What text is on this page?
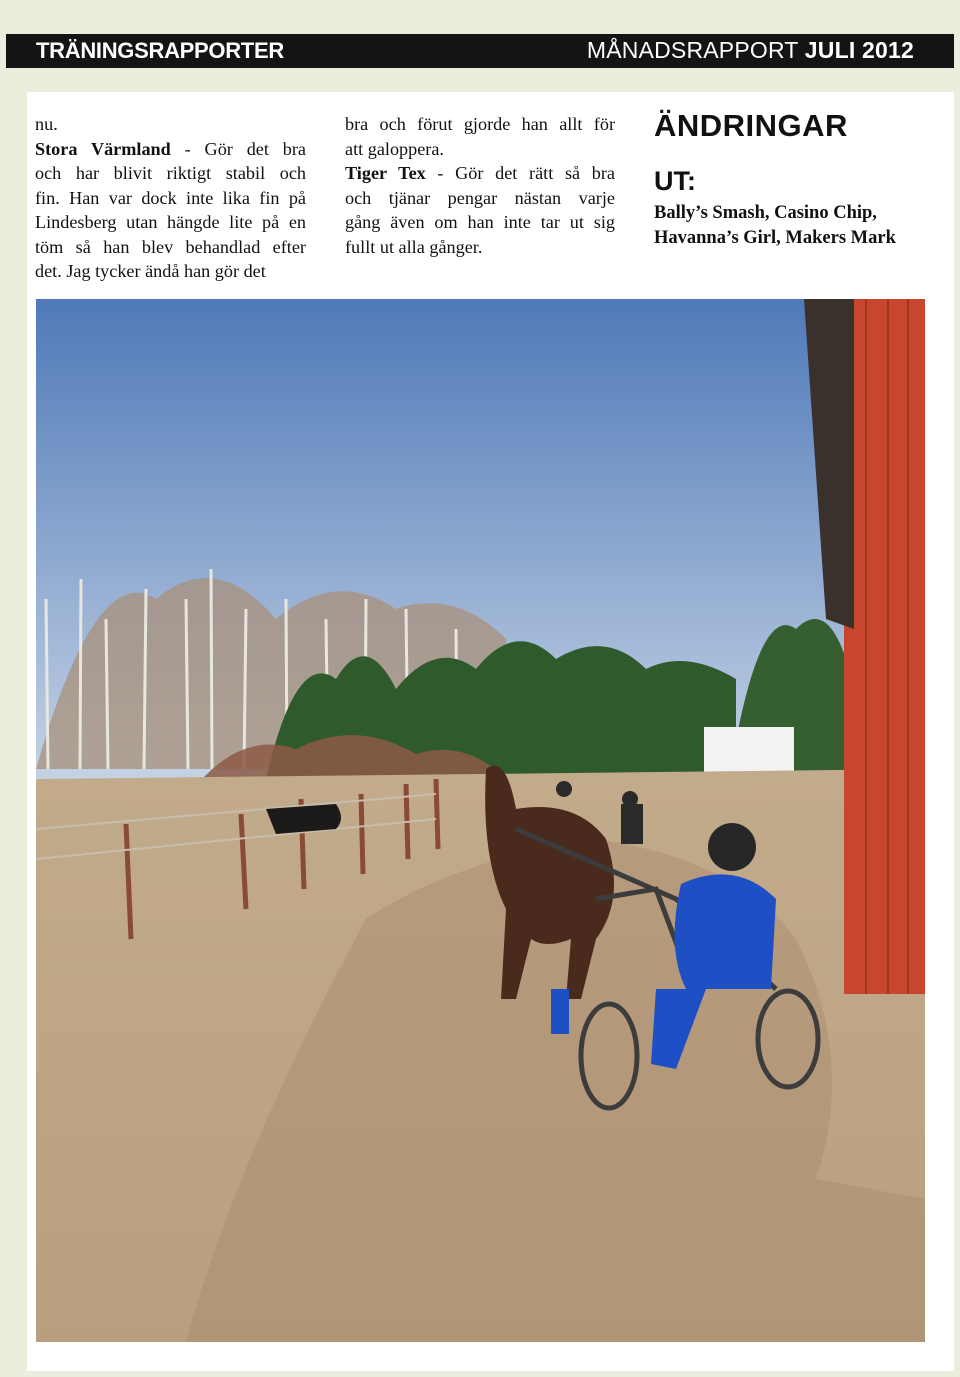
TRÄNINGSRAPPORTER	MÅNADSRAPPORT JULI 2012
nu.
Stora Värmland - Gör det bra
och har blivit riktigt stabil och
fin. Han var dock inte lika fin på
Lindesberg utan hängde lite på en
töm så han blev behandlad efter
det. Jag tycker ändå han gör det
bra och förut gjorde han allt för
att galoppera.
Tiger Tex - Gör det rätt så bra
och tjänar pengar nästan varje
gång även om han inte tar ut sig
fullt ut alla gånger.
ÄNDRINGAR
UT:
Bally’s Smash, Casino Chip,
Havanna’s Girl, Makers Mark
